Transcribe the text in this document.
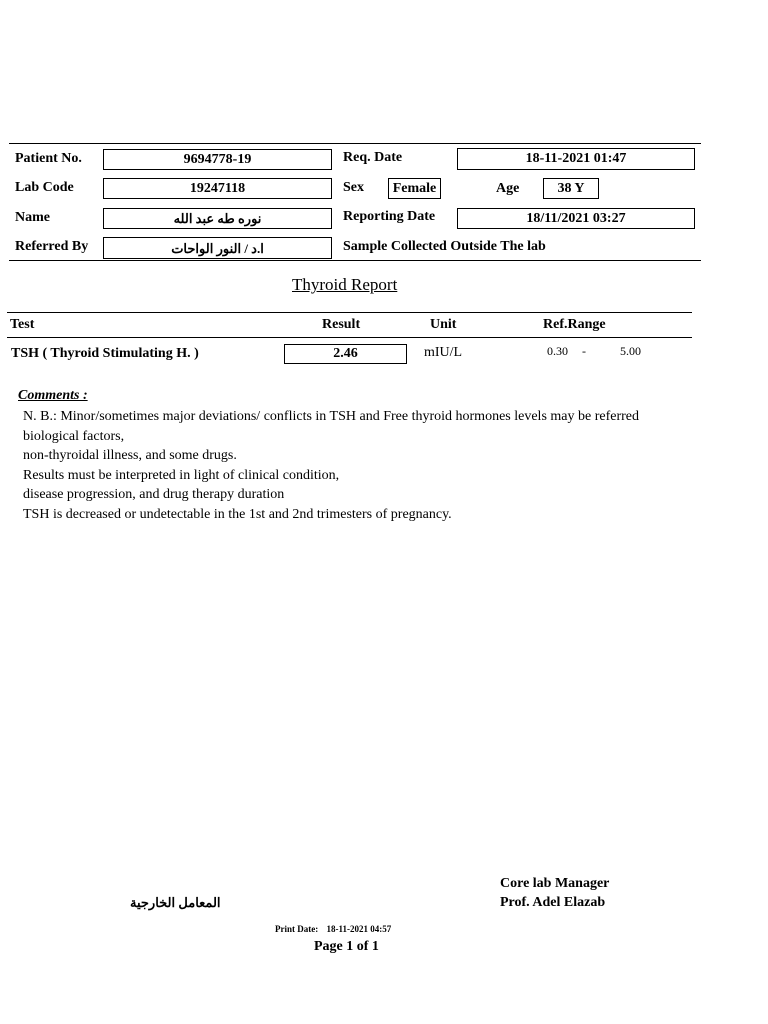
Patient No.	9694778-19	Req. Date	18-11-2021 01:47
Lab Code	19247118	Sex	Female	Age	38 Y
Name	نوره طه عبد الله	Reporting Date	18/11/2021 03:27
Referred By	ا.د / النور الواحات	Sample Collected Outside The lab
Thyroid Report
Test	Result	Unit	Ref.Range
TSH ( Thyroid Stimulating H. )	2.46	mIU/L	0.30 -	5.00
Comments :
N. B.: Minor/sometimes major deviations/ conflicts in TSH and Free thyroid hormones levels may be referred
biological factors,
non-thyroidal illness, and some drugs.
Results must be interpreted in light of clinical condition,
disease progression, and drug therapy duration
TSH is decreased or undetectable in the 1st and 2nd trimesters of pregnancy.
المعامل الخارجية
Core lab Manager
Prof. Adel Elazab
Print Date: 18-11-2021 04:57
Page 1 of 1
